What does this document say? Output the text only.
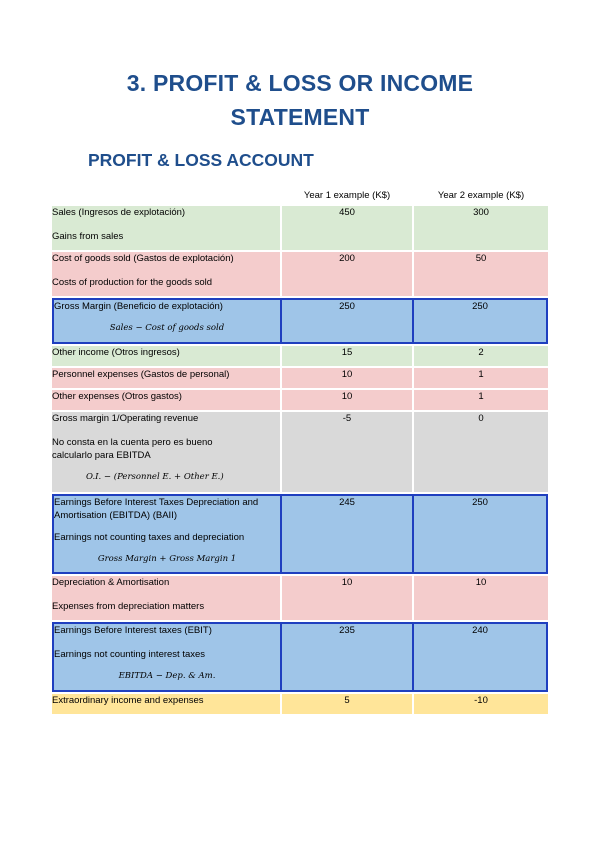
3. PROFIT & LOSS OR INCOME STATEMENT
PROFIT & LOSS ACCOUNT
	Year 1 example (K$)	Year 2 example (K$)

Sales (Ingresos de explotación)
Gains from sales	450	300

Cost of goods sold (Gastos de explotación)
Costs of production for the goods sold	200	50

Gross Margin (Beneficio de explotación)
Sales − Cost of goods sold	250	250
Other income (Otros ingresos)	15	2
Personnel expenses (Gastos de personal)	10	1
Other expenses (Otros gastos)	10	1

Gross margin 1/Operating revenue
No consta en la cuenta pero es bueno calcularlo para EBITDA
O.I. − (Personnel E. + Other E.)	-5	0

Earnings Before Interest Taxes Depreciation and Amortisation (EBITDA) (BAII)
Earnings not counting taxes and depreciation
Gross Margin + Gross Margin 1	245	250

Depreciation & Amortisation
Expenses from depreciation matters	10	10

Earnings Before Interest taxes (EBIT)
Earnings not counting interest taxes
EBITDA − Dep. & Am.	235	240
Extraordinary income and expenses	5	-10
